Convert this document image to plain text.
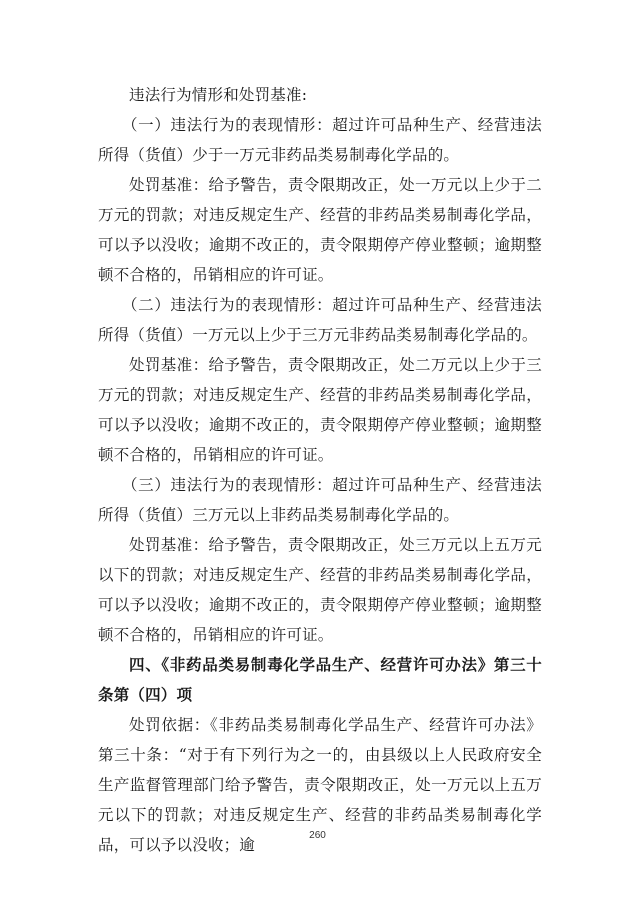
违法行为情形和处罚基准:

（一）违法行为的表现情形：超过许可品种生产、经营违法所得（货值）少于一万元非药品类易制毒化学品的。

处罚基准：给予警告，责令限期改正，处一万元以上少于二万元的罚款；对违反规定生产、经营的非药品类易制毒化学品，可以予以没收；逾期不改正的，责令限期停产停业整顿；逾期整顿不合格的，吊销相应的许可证。

（二）违法行为的表现情形：超过许可品种生产、经营违法所得（货值）一万元以上少于三万元非药品类易制毒化学品的。

处罚基准：给予警告，责令限期改正，处二万元以上少于三万元的罚款；对违反规定生产、经营的非药品类易制毒化学品，可以予以没收；逾期不改正的，责令限期停产停业整顿；逾期整顿不合格的，吊销相应的许可证。

（三）违法行为的表现情形：超过许可品种生产、经营违法所得（货值）三万元以上非药品类易制毒化学品的。

处罚基准：给予警告，责令限期改正，处三万元以上五万元以下的罚款；对违反规定生产、经营的非药品类易制毒化学品，可以予以没收；逾期不改正的，责令限期停产停业整顿；逾期整顿不合格的，吊销相应的许可证。

四、《非药品类易制毒化学品生产、经营许可办法》第三十条第（四）项

处罚依据：《非药品类易制毒化学品生产、经营许可办法》第三十条：“对于有下列行为之一的，由县级以上人民政府安全生产监督管理部门给予警告，责令限期改正，处一万元以上五万元以下的罚款；对违反规定生产、经营的非药品类易制毒化学品，可以予以没收；逾

260
